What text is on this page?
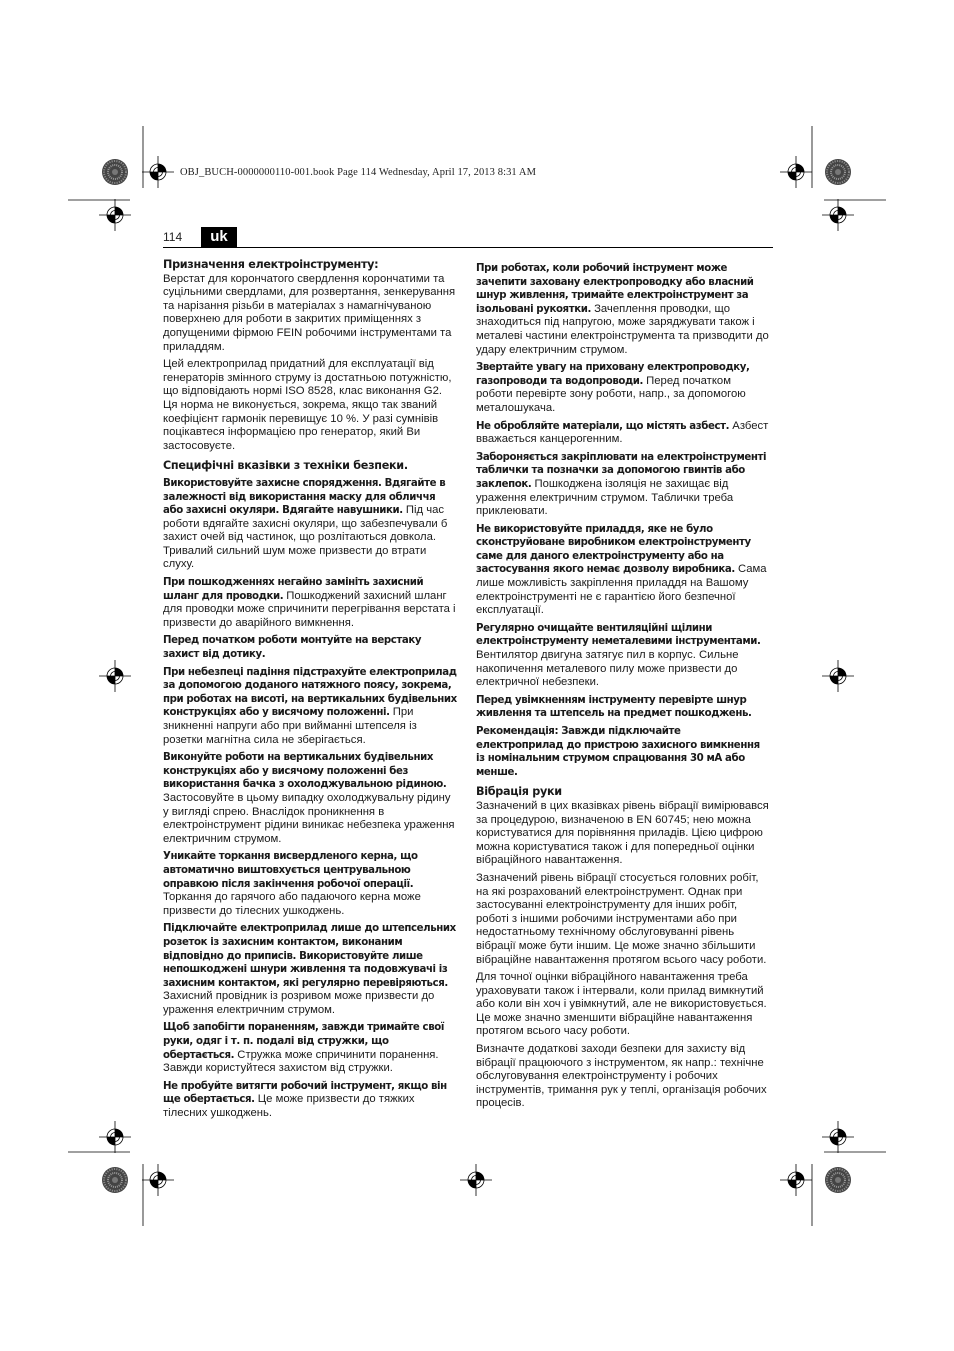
OBJ_BUCH-0000000110-001.book Page 114 Wednesday, April 17, 2013 8:31 AM
114	uk
Призначення електроінструменту:

Верстат для корончатого свердлення корончатими та суцільними свердлами, для розвертання, зенкерування та нарізання різьби в матеріалах з намагнічуваною поверхнею для роботи в закритих приміщеннях з допущеними фірмою FEIN робочими інструментами та приладдям.

Цей електроприлад придатний для експлуатації від генераторів змінного струму із достатньою потужністю, що відповідають нормі ISO 8528, клас виконання G2. Ця норма не виконується, зокрема, якщо так званий коефіцієнт гармонік перевищує 10 %. У разі сумнівів поцікавтеся інформацією про генератор, який Ви застосовуєте.

Специфічні вказівки з техніки безпеки.

Використовуйте захисне спорядження. Вдягайте в залежності від використання маску для обличчя або захисні окуляри. Вдягайте навушники. Під час роботи вдягайте захисні окуляри, що забезпечували б захист очей від частинок, що розлітаються довкола. Тривалий сильний шум може призвести до втрати слуху.

При пошкодженнях негайно замініть захисний шланг для проводки. Пошкоджений захисний шланг для проводки може спричинити перегрівання верстата і призвести до аварійного вимкнення.

Перед початком роботи монтуйте на верстаку захист від дотику.

При небезпеці падіння підстрахуйте електроприлад за допомогою доданого натяжного поясу, зокрема, при роботах на висоті, на вертикальних будівельних конструкціях або у висячому положенні. При зникненні напруги або при вийманні штепселя із розетки магнітна сила не зберігається.

Виконуйте роботи на вертикальних будівельних конструкціях або у висячому положенні без використання бачка з охолоджувальною рідиною. Застосовуйте в цьому випадку охолоджувальну рідину у вигляді спрею. Внаслідок проникнення в електроінструмент рідини виникає небезпека ураження електричним струмом.

Уникайте торкання висвердленого керна, що автоматично виштовхується центрувальною оправкою після закінчення робочої операції. Торкання до гарячого або падаючого керна може призвести до тілесних ушкоджень.

Підключайте електроприлад лише до штепсельних розеток із захисним контактом, виконаним відповідно до приписів. Використовуйте лише непошкоджені шнури живлення та подовжувачі із захисним контактом, які регулярно перевіряються. Захисний провідник із розривом може призвести до ураження електричним струмом.

Щоб запобігти пораненням, завжди тримайте свої руки, одяг і т. п. подалі від стружки, що обертається. Стружка може спричинити поранення. Завжди користуйтеся захистом від стружки.

Не пробуйте витягти робочий інструмент, якщо він ще обертається. Це може призвести до тяжких тілесних ушкоджень.

При роботах, коли робочий інструмент може зачепити заховану електропроводку або власний шнур живлення, тримайте електроінструмент за ізольовані рукоятки. Зачеплення проводки, що знаходиться під напругою, може заряджувати також і металеві частини електроінструмента та призводити до удару електричним струмом.

Звертайте увагу на приховану електропроводку, газопроводи та водопроводи. Перед початком роботи перевірте зону роботи, напр., за допомогою металошукача.

Не обробляйте матеріали, що містять азбест. Азбест вважається канцерогенним.

Забороняється закріплювати на електроінструменті таблички та позначки за допомогою гвинтів або заклепок. Пошкоджена ізоляція не захищає від ураження електричним струмом. Таблички треба приклеювати.

Не використовуйте приладдя, яке не було сконструйоване виробником електроінструменту саме для даного електроінструменту або на застосування якого немає дозволу виробника. Сама лише можливість закріплення приладдя на Вашому електроінструменті не є гарантією його безпечної експлуатації.

Регулярно очищайте вентиляційні щілини електроінструменту неметалевими інструментами. Вентилятор двигуна затягує пил в корпус. Сильне накопичення металевого пилу може призвести до електричної небезпеки.

Перед увімкненням інструменту перевірте шнур живлення та штепсель на предмет пошкоджень.

Рекомендація: Завжди підключайте електроприлад до пристрою захисного вимкнення із номінальним струмом спрацювання 30 мА або менше.

Вібрація руки

Зазначений в цих вказівках рівень вібрації вимірювався за процедурою, визначеною в EN 60745; нею можна користуватися для порівняння приладів. Цією цифрою можна користуватися також і для попередньої оцінки вібраційного навантаження.

Зазначений рівень вібрації стосується головних робіт, на які розрахований електроінструмент. Однак при застосуванні електроінструменту для інших робіт, роботі з іншими робочими інструментами або при недостатньому технічному обслуговуванні рівень вібрації може бути іншим. Це може значно збільшити вібраційне навантаження протягом всього часу роботи.

Для точної оцінки вібраційного навантаження треба ураховувати також і інтервали, коли прилад вимкнутий або коли він хоч і увімкнутий, але не використовується. Це може значно зменшити вібраційне навантаження протягом всього часу роботи.

Визначте додаткові заходи безпеки для захисту від вібрації працюючого з інструментом, як напр.: технічне обслуговування електроінструменту і робочих інструментів, тримання рук у теплі, організація робочих процесів.
